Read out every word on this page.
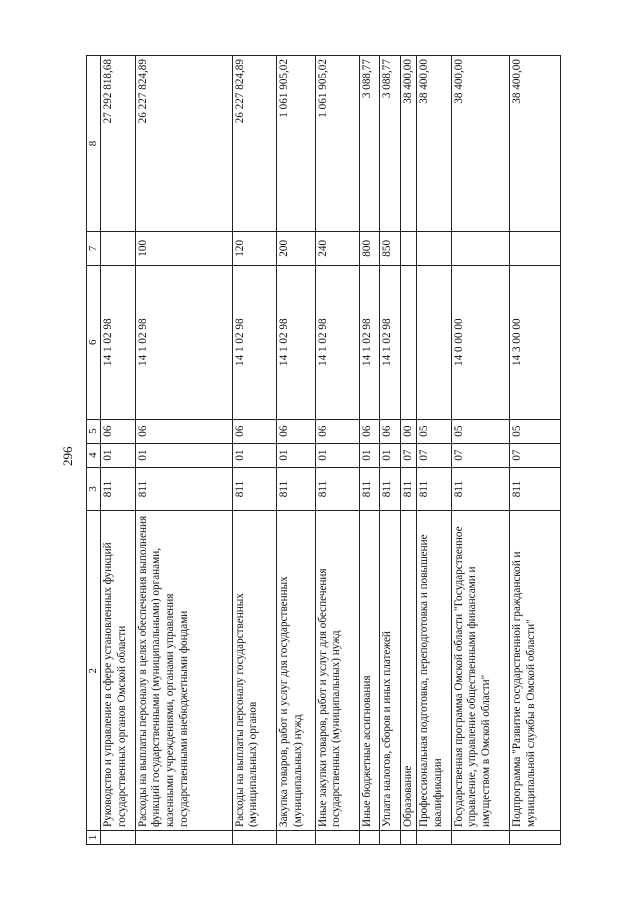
296
1	2	3	4	5	6	7	8
	Руководство и управление в сфере установленных функций государственных органов Омской области	811	01	06	14 1 02 98		27 292 818,68
	Расходы на выплаты персоналу в целях обеспечения выполнения функций государственными (муниципальными) органами, казенными учреждениями, органами управления государственными внебюджетными фондами	811	01	06	14 1 02 98	100	26 227 824,89
	Расходы на выплаты персоналу государственных (муниципальных) органов	811	01	06	14 1 02 98	120	26 227 824,89
	Закупка товаров, работ и услуг для государственных (муниципальных) нужд	811	01	06	14 1 02 98	200	1 061 905,02
	Иные закупки товаров, работ и услуг для обеспечения государственных (муниципальных) нужд	811	01	06	14 1 02 98	240	1 061 905,02
	Иные бюджетные ассигнования	811	01	06	14 1 02 98	800	3 088,77
	Уплата налогов, сборов и иных платежей	811	01	06	14 1 02 98	850	3 088,77
	Образование	811	07	00			38 400,00
	Профессиональная подготовка, переподготовка и повышение квалификации	811	07	05			38 400,00
	Государственная программа Омской области "Государственное управление, управление общественными финансами и имуществом в Омской области"	811	07	05	14 0 00 00		38 400,00
	Подпрограмма "Развитие государственной гражданской и муниципальной службы в Омской области"	811	07	05	14 3 00 00		38 400,00
